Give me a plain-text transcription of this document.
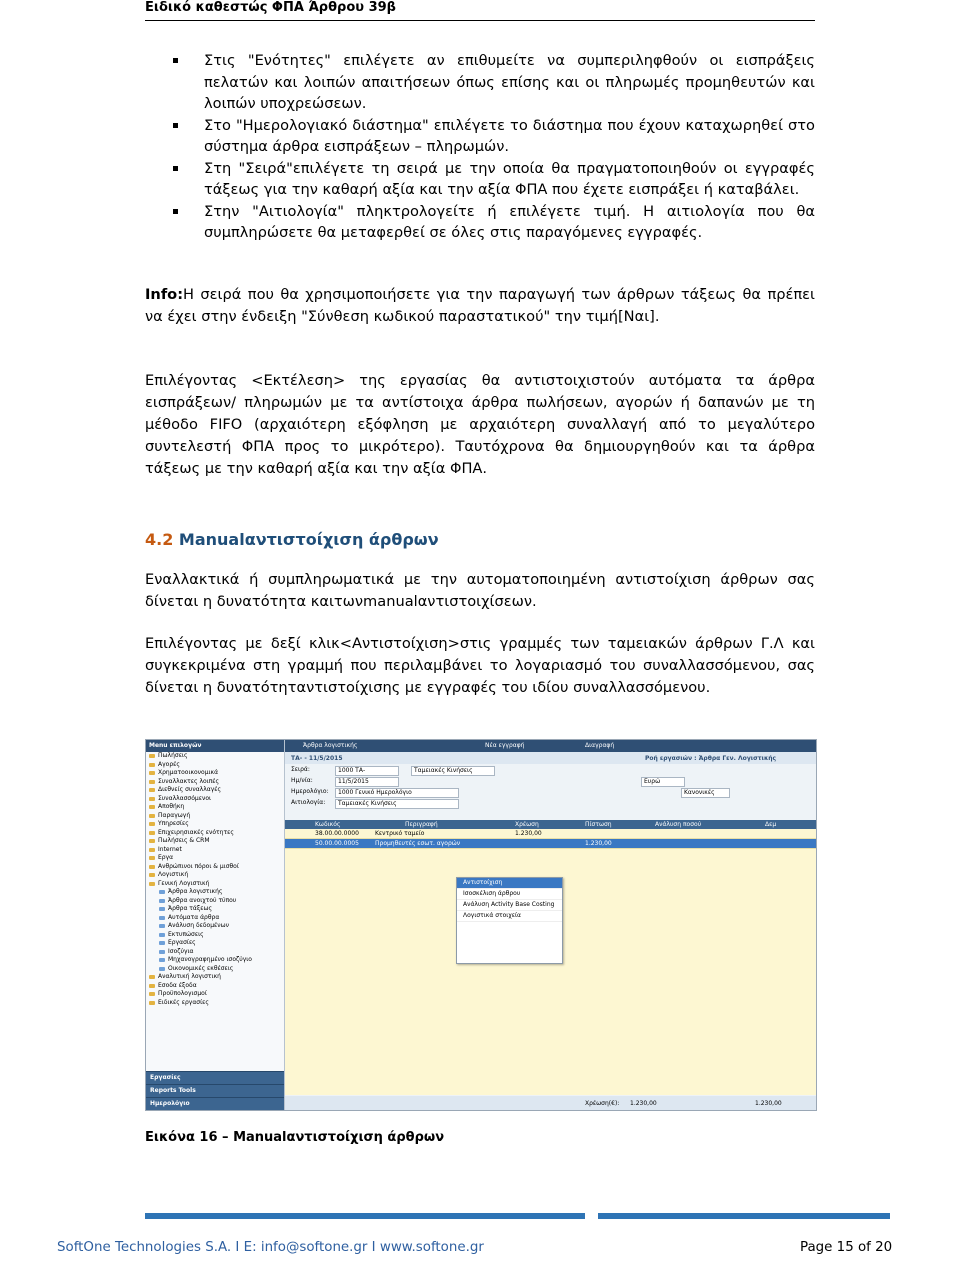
Ειδικό καθεστώς ΦΠΑ Άρθρου 39β
Στις "Ενότητες" επιλέγετε αν επιθυμείτε να συμπεριληφθούν οι εισπράξεις πελατών και λοιπών απαιτήσεων όπως επίσης και οι πληρωμές προμηθευτών και λοιπών υποχρεώσεων.
Στο "Ημερολογιακό διάστημα" επιλέγετε το διάστημα που έχουν καταχωρηθεί στο σύστημα άρθρα εισπράξεων – πληρωμών.
Στη "Σειρά"επιλέγετε τη σειρά με την οποία θα πραγματοποιηθούν οι εγγραφές τάξεως για την καθαρή αξία και την αξία ΦΠΑ που έχετε εισπράξει ή καταβάλει.
Στην "Αιτιολογία" πληκτρολογείτε ή επιλέγετε τιμή. Η αιτιολογία που θα συμπληρώσετε θα μεταφερθεί σε όλες στις παραγόμενες εγγραφές.

Info:Η σειρά που θα χρησιμοποιήσετε για την παραγωγή των άρθρων τάξεως θα πρέπει να έχει στην ένδειξη "Σύνθεση κωδικού παραστατικού" την τιμή[Ναι].

Επιλέγοντας <Εκτέλεση> της εργασίας θα αντιστοιχιστούν αυτόματα τα άρθρα εισπράξεων/ πληρωμών με τα αντίστοιχα άρθρα πωλήσεων, αγορών ή δαπανών με τη μέθοδο FIFO (αρχαιότερη εξόφληση με αρχαιότερη συναλλαγή από το μεγαλύτερο συντελεστή ΦΠΑ προς το μικρότερο). Ταυτόχρονα θα δημιουργηθούν και τα άρθρα τάξεως με την καθαρή αξία και την αξία ΦΠΑ.

4.2 Manualαντιστοίχιση άρθρων

Εναλλακτικά ή συμπληρωματικά με την αυτοματοποιημένη αντιστοίχιση άρθρων σας δίνεται η δυνατότητα καιτωνmanualαντιστοιχίσεων.

Επιλέγοντας με δεξί κλικ<Αντιστοίχιση>στις γραμμές των ταμειακών άρθρων Γ.Λ και συγκεκριμένα στη γραμμή που περιλαμβάνει το λογαριασμό του συναλλασσόμενου, σας δίνεται η δυνατότηταντιστοίχισης με εγγραφές του ιδίου συναλλασσόμενου.

Menu επιλογών
Πωλήσεις
Αγορές
Χρηματοοικονομικά
Συναλλακτες λοιπές
Διεθνείς συναλλαγές
Συναλλασσόμενοι
Αποθήκη
Παραγωγή
Υπηρεσίες
Επιχειρησιακές ενότητες
Πωλήσεις & CRM
Internet
Εργα
Ανθρώπινοι πόροι & μισθοί
Λογιστική
Γενική Λογιστική
Άρθρα λογιστικής
Άρθρα ανοιχτού τύπου
Άρθρα τάξεως
Αυτόματα άρθρα
Ανάλυση δεδομένων
Εκτυπώσεις
Εργασίες
Ισοζύγια
Μηχανογραφημένο ισοζύγιο
Οικονομικές εκθέσεις
Αναλυτική λογιστική
Εσοδα έξοδα
Προϋπολογισμοί
Ειδικές εργασίες
Εργασίες
Reports Tools
Ημερολόγιο
Άρθρα λογιστικής	Νέα εγγραφή	Διαγραφή
ΤΑ- - 11/5/2015	Ροή εργασιών : Άρθρα Γεν. Λογιστικής
Σειρά:	1000 ΤΑ-	Ταμειακές Κινήσεις
Ημ/νία:	11/5/2015	Ευρώ
Ημερολόγιο:	1000 Γενικό Ημερολόγιο	Κανονικές
Αιτιολογία:	Ταμειακές Κινήσεις
Κωδικός	Περιγραφή	Χρέωση	Πίστωση	Ανάλυση ποσού	Δεμ
38.00.00.0000	Κεντρικό ταμείο	1.230,00
50.00.00.0005	Προμηθευτές εσωτ. αγορών	1.230,00
Αντιστοίχιση
Ισοσκέλιση άρθρου
Ανάλυση Activity Base Costing
Λογιστικά στοιχεία
Χρέωση(€): 1.230,00	1.230,00
Εικόνα 16 – Manualαντιστοίχιση άρθρων
SoftOne Technologies S.A. I E: info@softone.gr I www.softone.gr	Page 15 of 20
